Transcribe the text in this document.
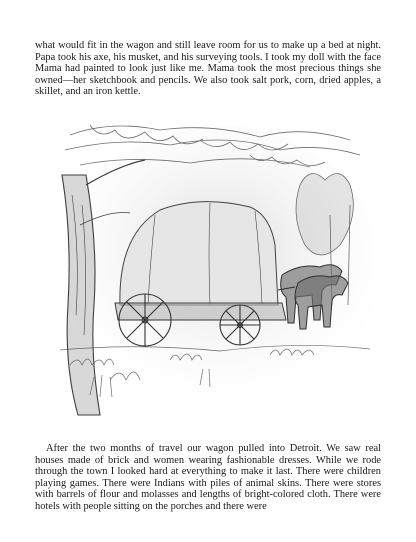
what would fit in the wagon and still leave room for us to make up a bed at night. Papa took his axe, his musket, and his surveying tools. I took my doll with the face Mama had painted to look just like me. Mama took the most precious things she owned—her sketchbook and pencils. We also took salt pork, corn, dried apples, a skillet, and an iron kettle.

After the two months of travel our wagon pulled into Detroit. We saw real houses made of brick and women wearing fashionable dresses. While we rode through the town I looked hard at everything to make it last. There were children playing games. There were Indians with piles of animal skins. There were stores with barrels of flour and molasses and lengths of bright-colored cloth. There were hotels with people sitting on the porches and there were
